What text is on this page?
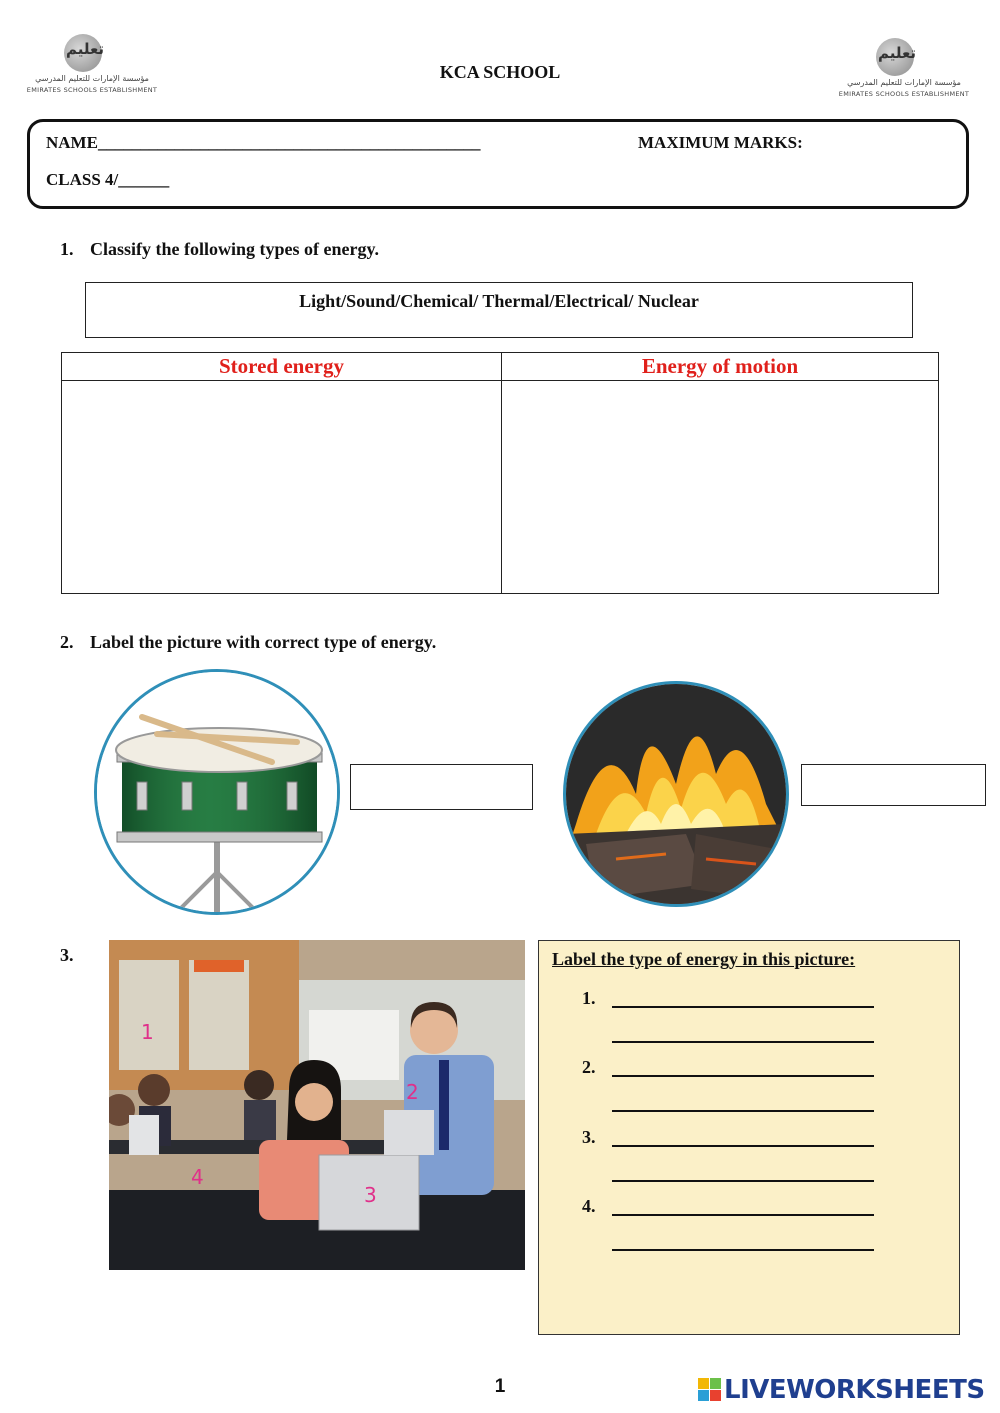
تعليم
مؤسسة الإمارات للتعليم المدرسي
EMIRATES SCHOOLS ESTABLISHMENT
تعليم
مؤسسة الإمارات للتعليم المدرسي
EMIRATES SCHOOLS ESTABLISHMENT
KCA SCHOOL
NAME_____________________________________________	MAXIMUM MARKS:
CLASS 4/______
1. Classify the following types of energy.
Light/Sound/Chemical/ Thermal/Electrical/ Nuclear
Stored energy	Energy of motion

2. Label the picture with correct type of energy.
3.
1
2
3
4
Label the type of energy in this picture:
1.
2.
3.
4.
1	LIVEWORKSHEETS
